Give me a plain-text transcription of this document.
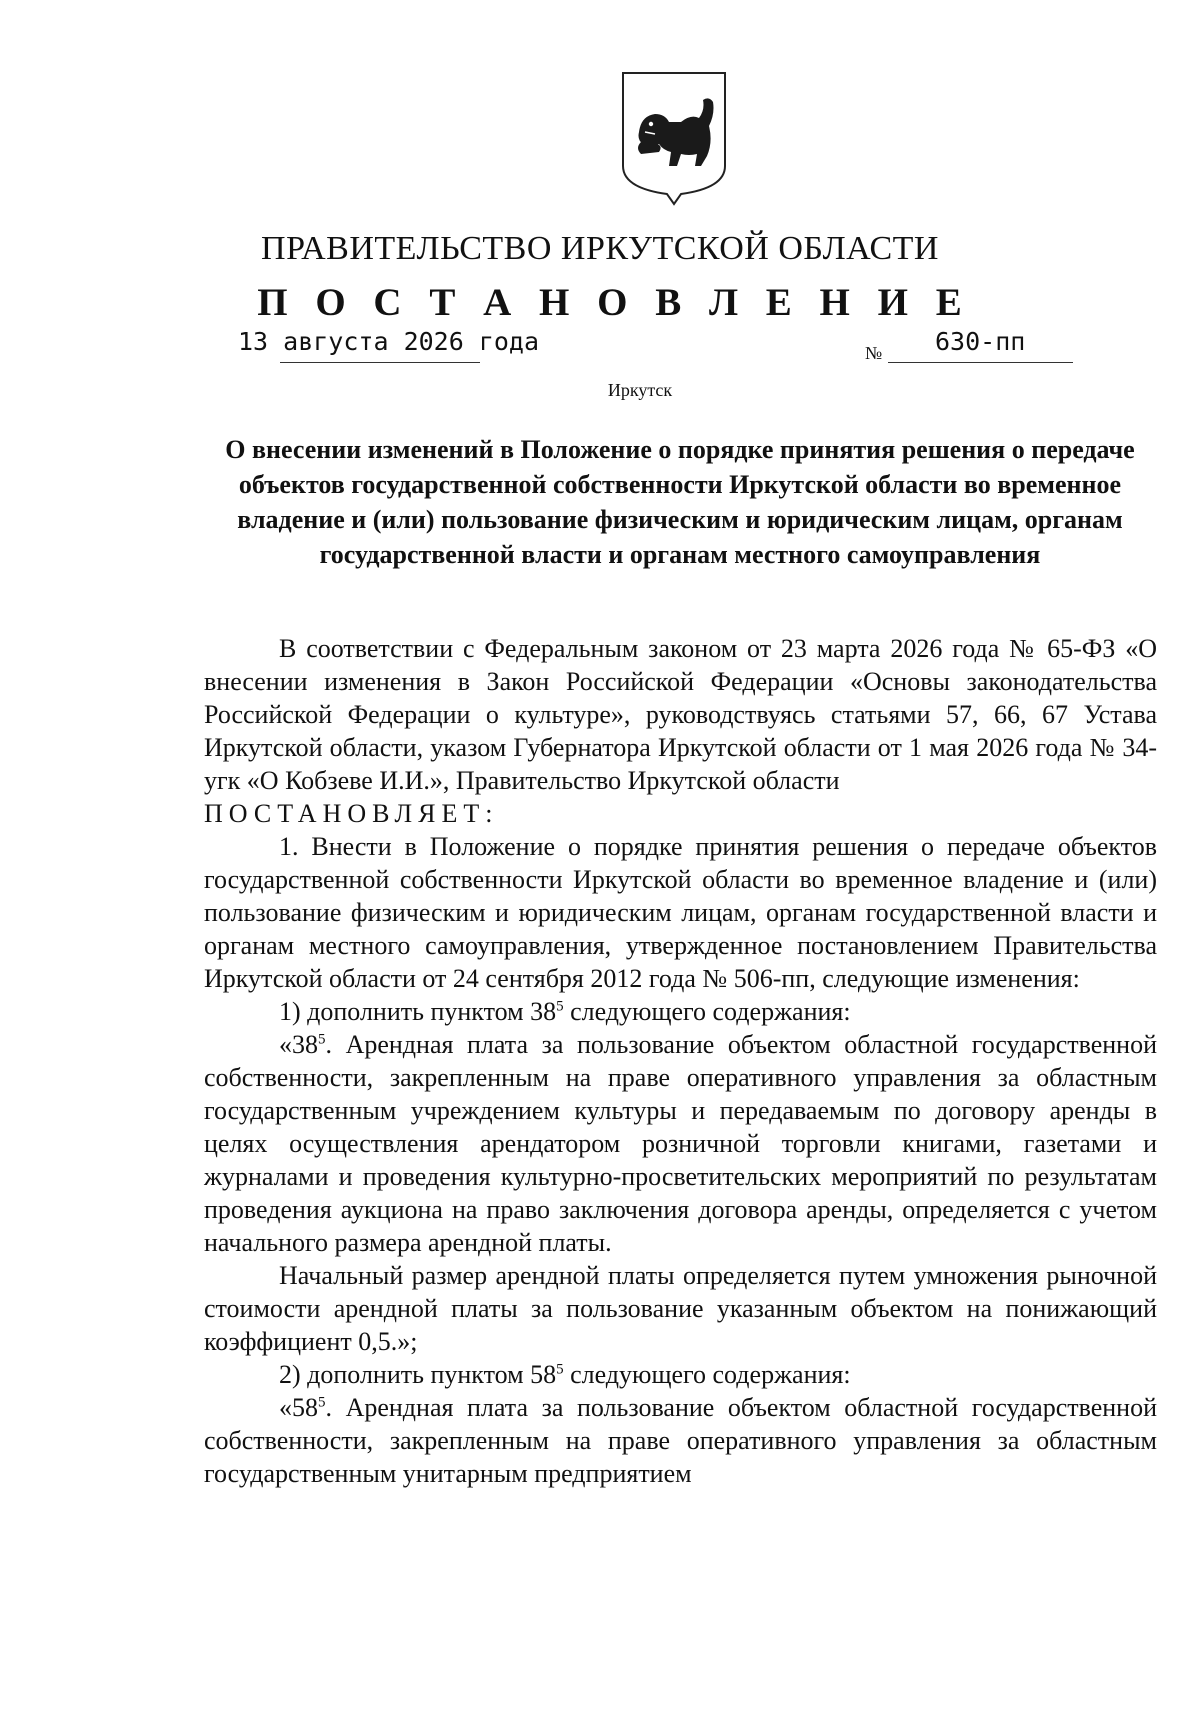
ПРАВИТЕЛЬСТВО ИРКУТСКОЙ ОБЛАСТИ
П О С Т А Н О В Л Е Н И Е
13 августа 2026 года	№ 630-пп
Иркутск
О внесении изменений в Положение о порядке принятия решения о передаче объектов государственной собственности Иркутской области во временное владение и (или) пользование физическим и юридическим лицам, органам государственной власти и органам местного самоуправления

В соответствии с Федеральным законом от 23 марта 2026 года № 65-ФЗ «О внесении изменения в Закон Российской Федерации «Основы законодательства Российской Федерации о культуре», руководствуясь статьями 57, 66, 67 Устава Иркутской области, указом Губернатора Иркутской области от 1 мая 2026 года № 34-угк «О Кобзеве И.И.», Правительство Иркутской области

ПОСТАНОВЛЯЕТ:

1. Внести в Положение о порядке принятия решения о передаче объектов государственной собственности Иркутской области во временное владение и (или) пользование физическим и юридическим лицам, органам государственной власти и органам местного самоуправления, утвержденное постановлением Правительства Иркутской области от 24 сентября 2012 года № 506-пп, следующие изменения:

1) дополнить пунктом $38^5$ следующего содержания:

«$38^5$. Арендная плата за пользование объектом областной государственной собственности, закрепленным на праве оперативного управления за областным государственным учреждением культуры и передаваемым по договору аренды в целях осуществления арендатором розничной торговли книгами, газетами и журналами и проведения культурно-просветительских мероприятий по результатам проведения аукциона на право заключения договора аренды, определяется с учетом начального размера арендной платы.

Начальный размер арендной платы определяется путем умножения рыночной стоимости арендной платы за пользование указанным объектом на понижающий коэффициент 0,5.»;

2) дополнить пунктом $58^5$ следующего содержания:

«$58^5$. Арендная плата за пользование объектом областной государственной собственности, закрепленным на праве оперативного управления за областным государственным унитарным предприятием
